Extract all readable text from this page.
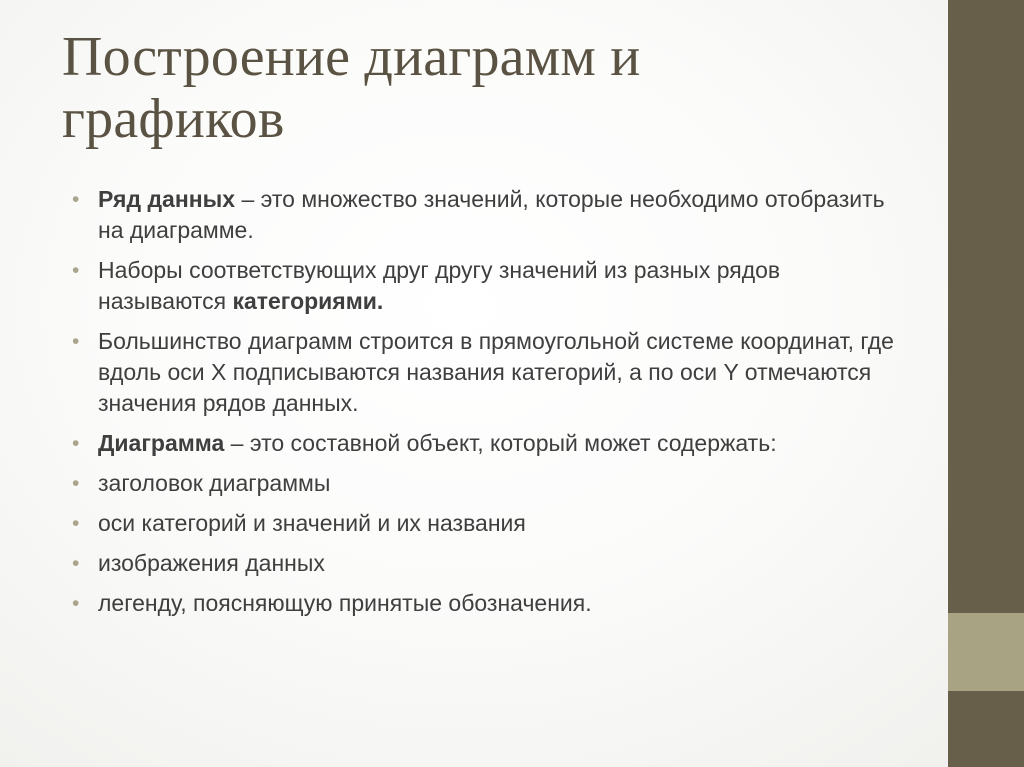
Построение диаграмм и
графиков
• Ряд данных – это множество значений, которые необходимо отобразить на диаграмме.
• Наборы соответствующих друг другу значений из разных рядов называются категориями.
• Большинство диаграмм строится в прямоугольной системе координат, где вдоль оси Х подписываются названия категорий, а по оси Y отмечаются значения рядов данных.
• Диаграмма – это составной объект, который может содержать:
• заголовок диаграммы
• оси категорий и значений и их названия
• изображения данных
• легенду, поясняющую принятые обозначения.
